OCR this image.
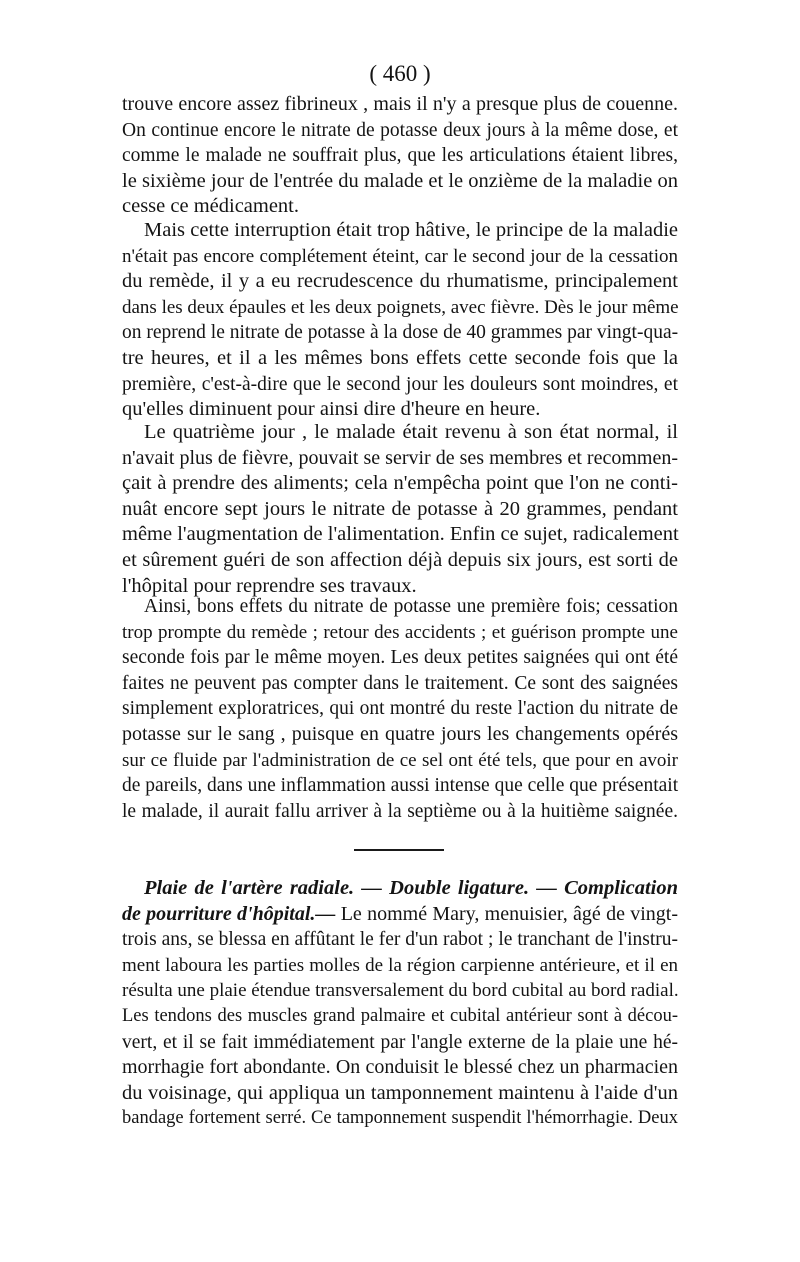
( 460 )
trouve encore assez fibrineux , mais il n'y a presque plus de couenne.
On continue encore le nitrate de potasse deux jours à la même dose, et
comme le malade ne souffrait plus, que les articulations étaient libres,
le sixième jour de l'entrée du malade et le onzième de la maladie on
cesse ce médicament.
Mais cette interruption était trop hâtive, le principe de la maladie
n'était pas encore complétement éteint, car le second jour de la cessation
du remède, il y a eu recrudescence du rhumatisme, principalement
dans les deux épaules et les deux poignets, avec fièvre. Dès le jour même
on reprend le nitrate de potasse à la dose de 40 grammes par vingt-qua-
tre heures, et il a les mêmes bons effets cette seconde fois que la
première, c'est-à-dire que le second jour les douleurs sont moindres, et
qu'elles diminuent pour ainsi dire d'heure en heure.
Le quatrième jour , le malade était revenu à son état normal, il
n'avait plus de fièvre, pouvait se servir de ses membres et recommen-
çait à prendre des aliments; cela n'empêcha point que l'on ne conti-
nuât encore sept jours le nitrate de potasse à 20 grammes, pendant
même l'augmentation de l'alimentation. Enfin ce sujet, radicalement
et sûrement guéri de son affection déjà depuis six jours, est sorti de
l'hôpital pour reprendre ses travaux.
Ainsi, bons effets du nitrate de potasse une première fois; cessation
trop prompte du remède ; retour des accidents ; et guérison prompte une
seconde fois par le même moyen. Les deux petites saignées qui ont été
faites ne peuvent pas compter dans le traitement. Ce sont des saignées
simplement exploratrices, qui ont montré du reste l'action du nitrate de
potasse sur le sang , puisque en quatre jours les changements opérés
sur ce fluide par l'administration de ce sel ont été tels, que pour en avoir
de pareils, dans une inflammation aussi intense que celle que présentait
le malade, il aurait fallu arriver à la septième ou à la huitième saignée.
Plaie de l'artère radiale. — Double ligature. — Complication
de pourriture d'hôpital.— Le nommé Mary, menuisier, âgé de vingt-
trois ans, se blessa en affûtant le fer d'un rabot ; le tranchant de l'instru-
ment laboura les parties molles de la région carpienne antérieure, et il en
résulta une plaie étendue transversalement du bord cubital au bord radial.
Les tendons des muscles grand palmaire et cubital antérieur sont à décou-
vert, et il se fait immédiatement par l'angle externe de la plaie une hé-
morrhagie fort abondante. On conduisit le blessé chez un pharmacien
du voisinage, qui appliqua un tamponnement maintenu à l'aide d'un
bandage fortement serré. Ce tamponnement suspendit l'hémorrhagie. Deux
